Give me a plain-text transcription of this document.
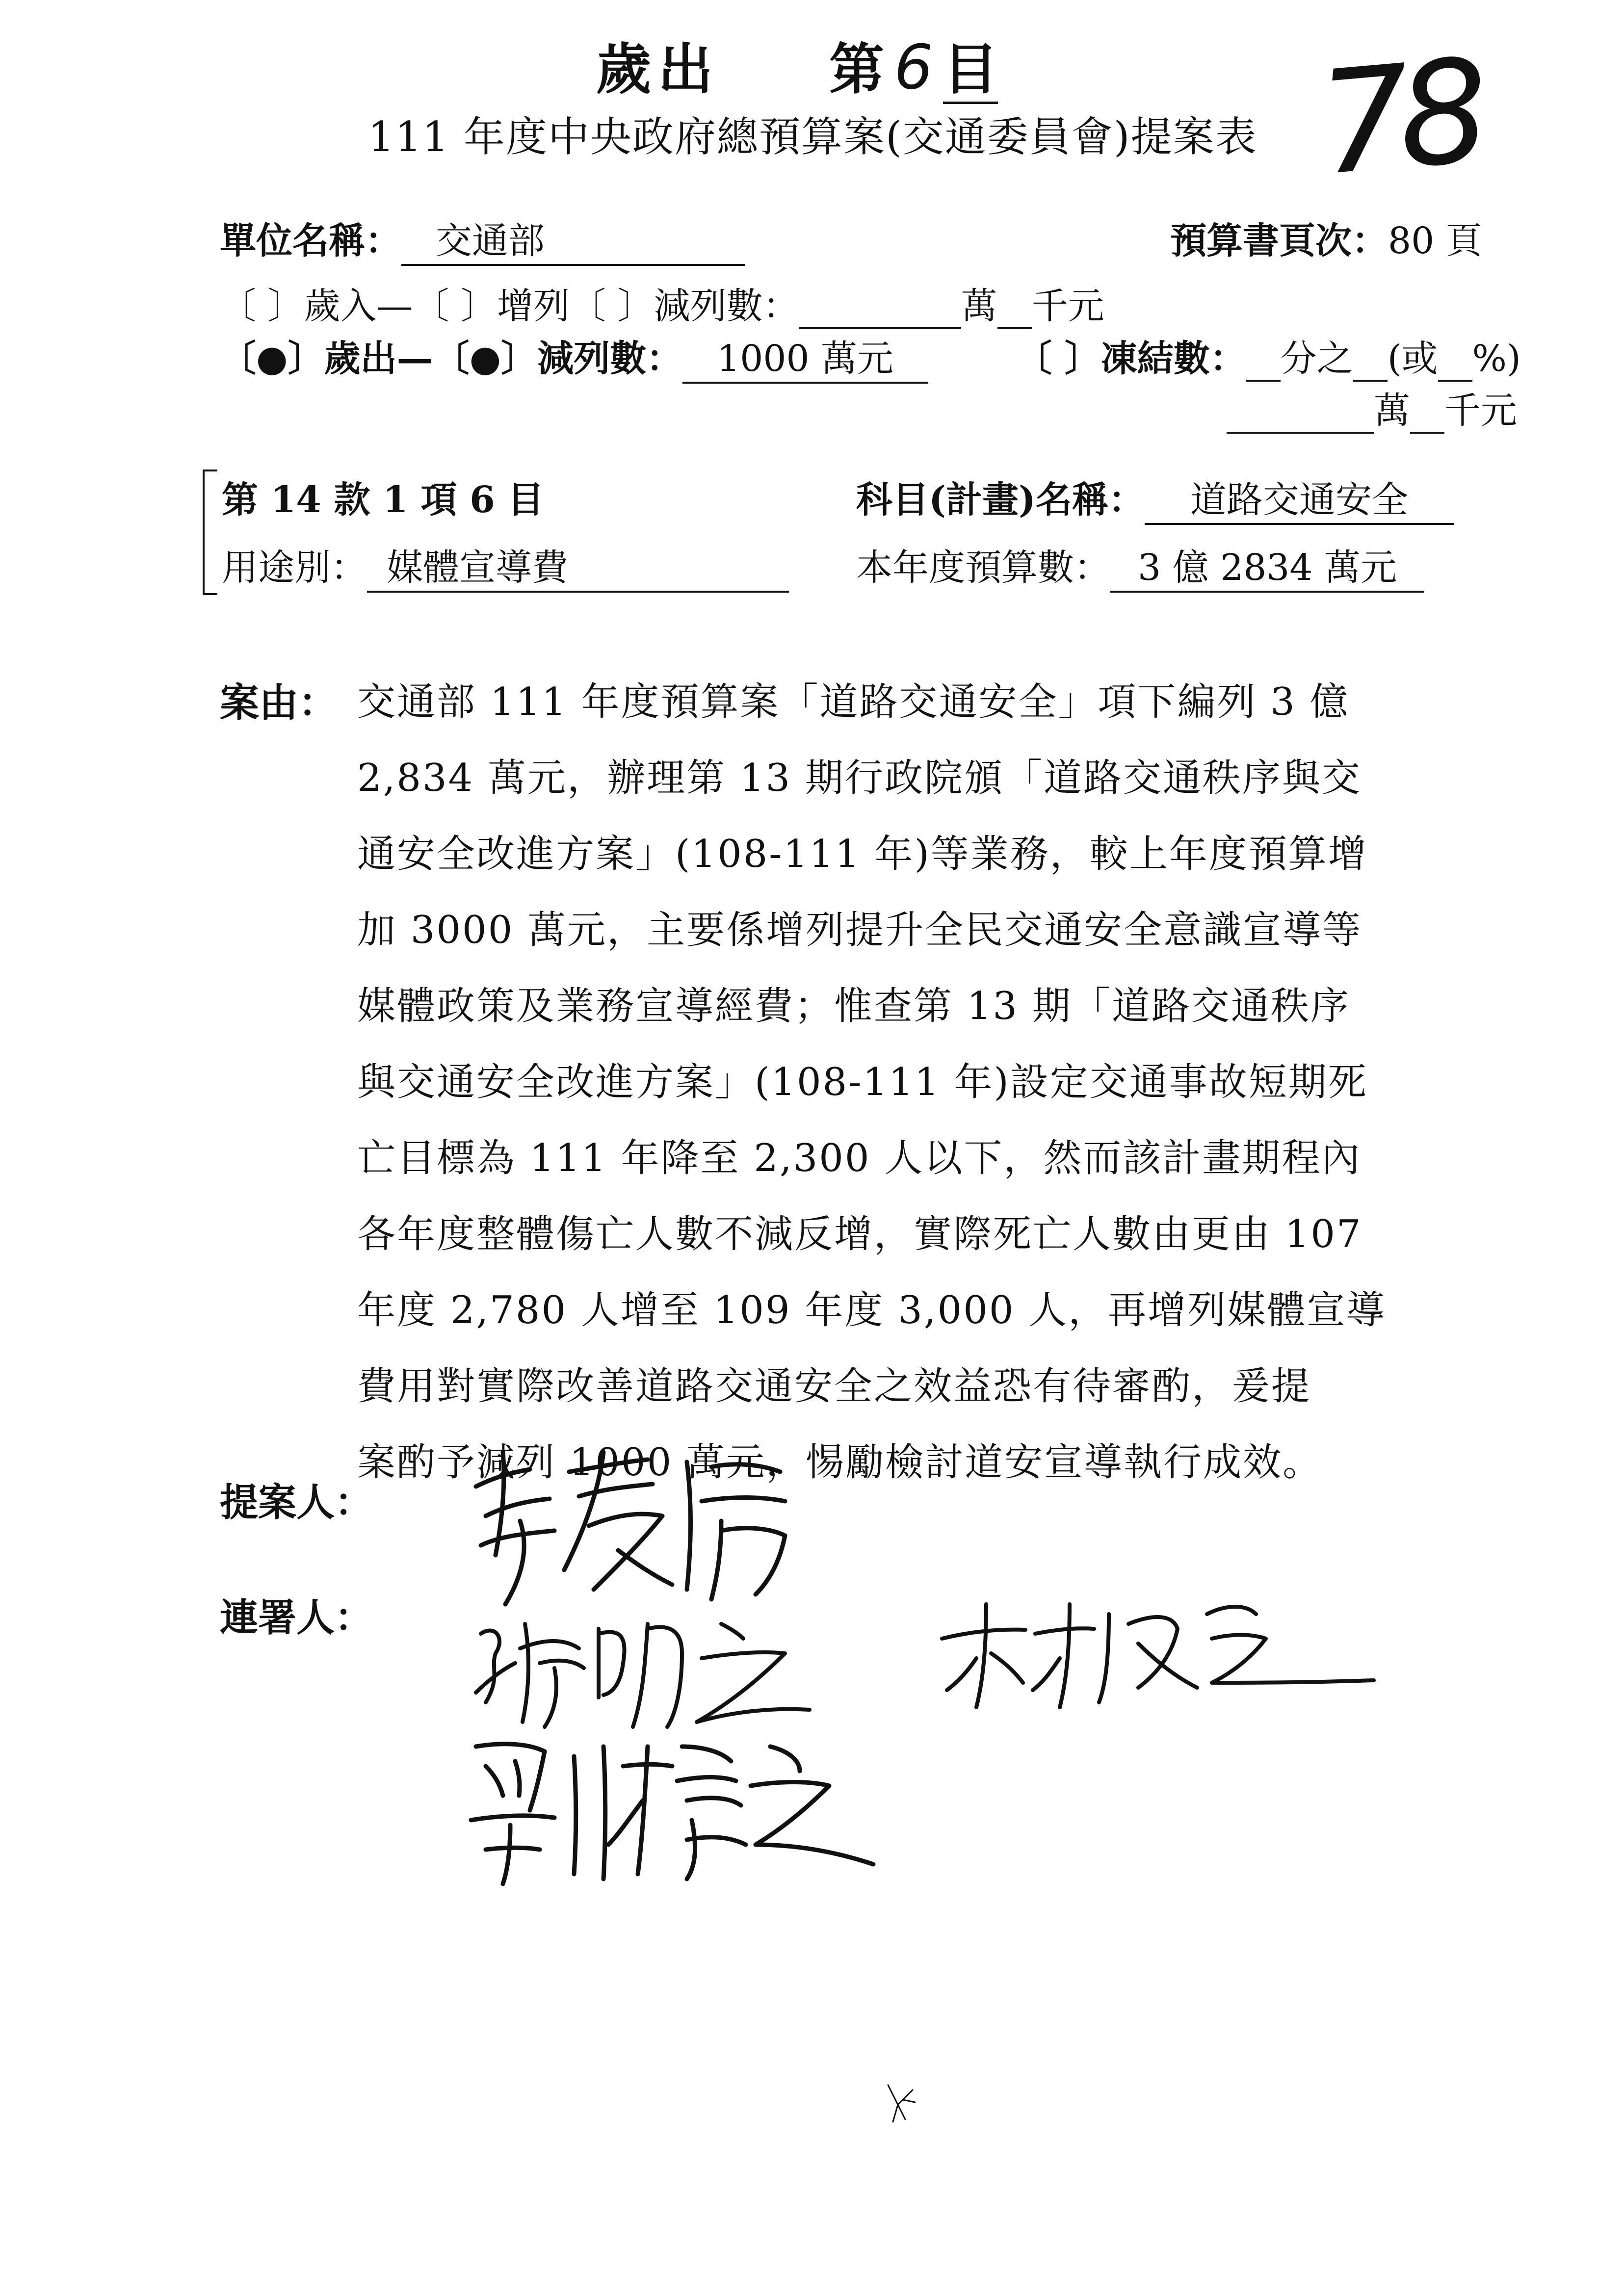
歲出 第 6 目
111 年度中央政府總預算案(交通委員會)提案表 78
單位名稱： 交通部	預算書頁次：80 頁
〔 〕歲入—〔 〕增列〔 〕減列數：	萬 千元
〔●〕歲出—〔●〕減列數： 1000 萬元	〔 〕凍結數： 分之 (或 %)
萬 千元
第 14 款 1 項 6 目	科目(計畫)名稱： 道路交通安全
用途別： 媒體宣導費	本年度預算數： 3 億 2834 萬元
案由： 交通部 111 年度預算案「道路交通安全」項下編列 3 億
2,834 萬元，辦理第 13 期行政院頒「道路交通秩序與交
通安全改進方案」(108-111 年)等業務，較上年度預算增
加 3000 萬元，主要係增列提升全民交通安全意識宣導等
媒體政策及業務宣導經費；惟查第 13 期「道路交通秩序
與交通安全改進方案」(108-111 年)設定交通事故短期死
亡目標為 111 年降至 2,300 人以下，然而該計畫期程內
各年度整體傷亡人數不減反增，實際死亡人數由更由 107
年度 2,780 人增至 109 年度 3,000 人，再增列媒體宣導
費用對實際改善道路交通安全之效益恐有待審酌，爰提
案酌予減列 1000 萬元，惕勵檢討道安宣導執行成效。
提案人：
連署人：
